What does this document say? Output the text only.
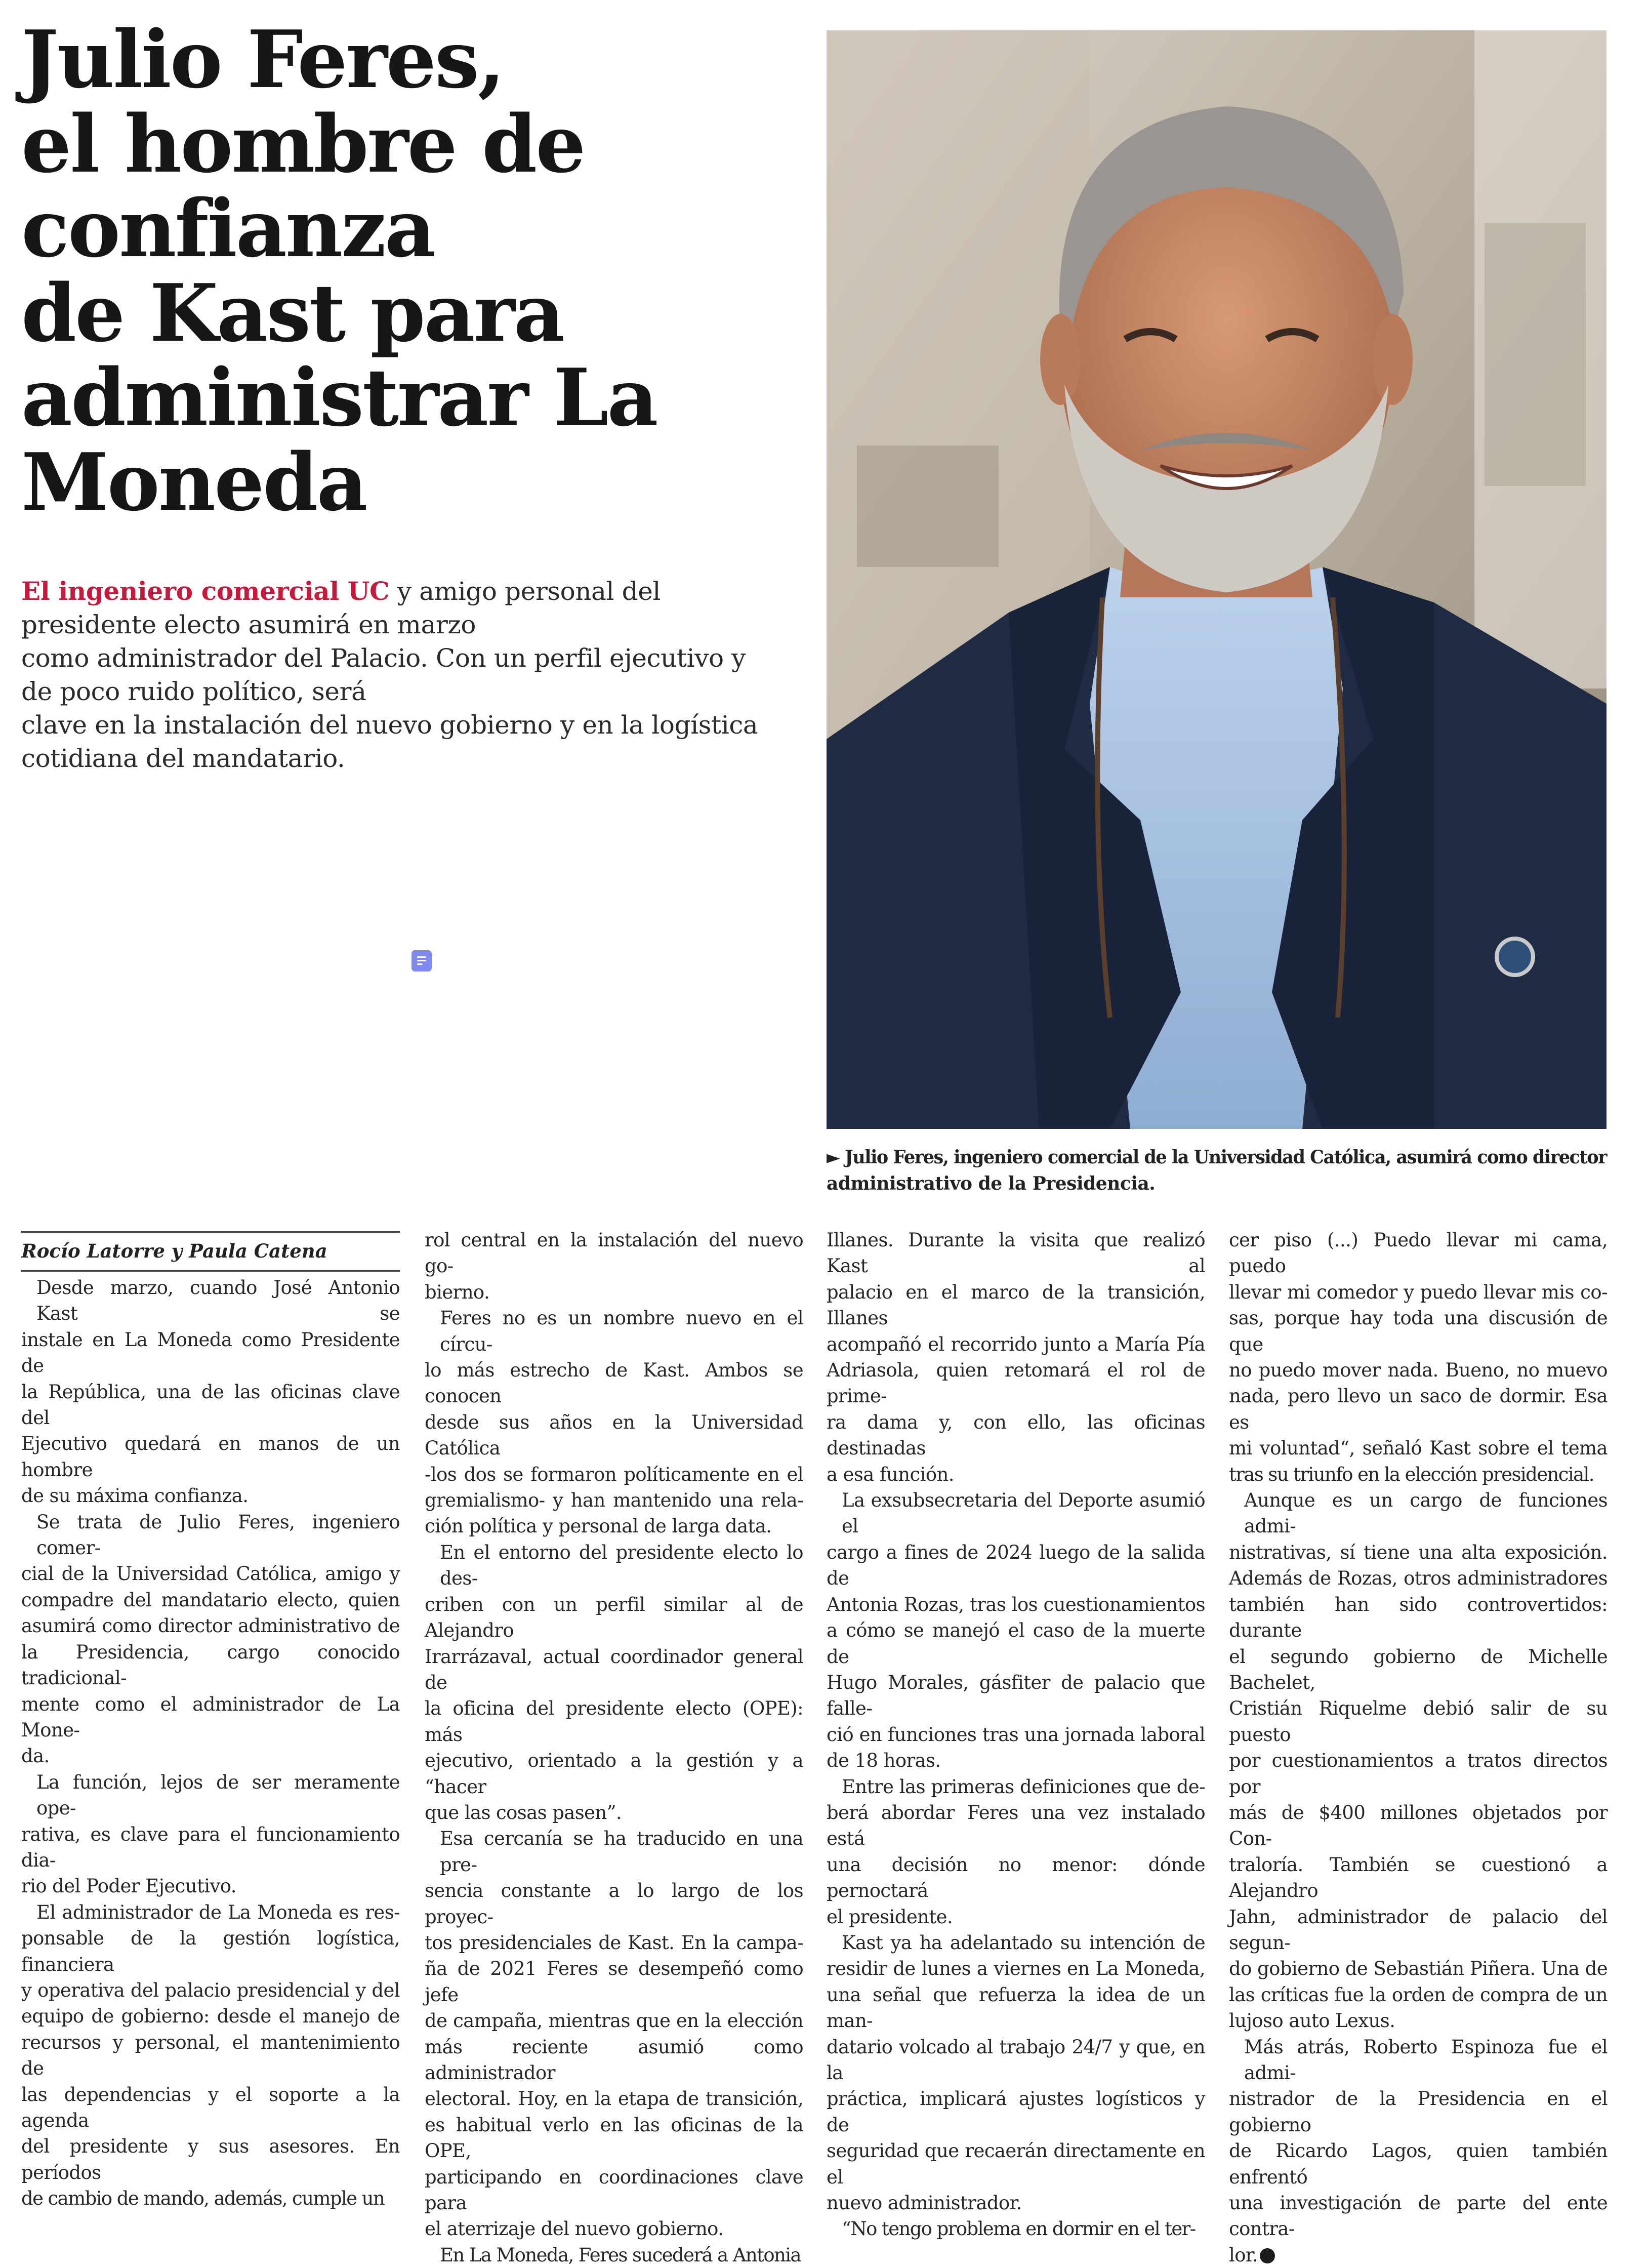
Julio Feres,
el hombre de
confianza
de Kast para
administrar La
Moneda
El ingeniero comercial UC y amigo personal del
presidente electo asumirá en marzo
como administrador del Palacio. Con un perfil ejecutivo y
de poco ruido político, será
clave en la instalación del nuevo gobierno y en la logística
cotidiana del mandatario.
► Julio Feres, ingeniero comercial de la Universidad Católica, asumirá como director
administrativo de la Presidencia.
Rocío Latorre y Paula Catena

Desde marzo, cuando José Antonio Kast se
instale en La Moneda como Presidente de
la República, una de las oficinas clave del
Ejecutivo quedará en manos de un hombre
de su máxima confianza.

Se trata de Julio Feres, ingeniero comer-
cial de la Universidad Católica, amigo y
compadre del mandatario electo, quien
asumirá como director administrativo de
la Presidencia, cargo conocido tradicional-
mente como el administrador de La Mone-
da.

La función, lejos de ser meramente ope-
rativa, es clave para el funcionamiento dia-
rio del Poder Ejecutivo.

El administrador de La Moneda es res-
ponsable de la gestión logística, financiera
y operativa del palacio presidencial y del
equipo de gobierno: desde el manejo de
recursos y personal, el mantenimiento de
las dependencias y el soporte a la agenda
del presidente y sus asesores. En períodos
de cambio de mando, además, cumple un

rol central en la instalación del nuevo go-
bierno.

Feres no es un nombre nuevo en el círcu-
lo más estrecho de Kast. Ambos se conocen
desde sus años en la Universidad Católica
-los dos se formaron políticamente en el
gremialismo- y han mantenido una rela-
ción política y personal de larga data.

En el entorno del presidente electo lo des-
criben con un perfil similar al de Alejandro
Irarrázaval, actual coordinador general de
la oficina del presidente electo (OPE): más
ejecutivo, orientado a la gestión y a “hacer
que las cosas pasen”.

Esa cercanía se ha traducido en una pre-
sencia constante a lo largo de los proyec-
tos presidenciales de Kast. En la campa-
ña de 2021 Feres se desempeñó como jefe
de campaña, mientras que en la elección
más reciente asumió como administrador
electoral. Hoy, en la etapa de transición,
es habitual verlo en las oficinas de la OPE,
participando en coordinaciones clave para
el aterrizaje del nuevo gobierno.

En La Moneda, Feres sucederá a Antonia

Illanes. Durante la visita que realizó Kast al
palacio en el marco de la transición, Illanes
acompañó el recorrido junto a María Pía
Adriasola, quien retomará el rol de prime-
ra dama y, con ello, las oficinas destinadas
a esa función.

La exsubsecretaria del Deporte asumió el
cargo a fines de 2024 luego de la salida de
Antonia Rozas, tras los cuestionamientos
a cómo se manejó el caso de la muerte de
Hugo Morales, gásfiter de palacio que falle-
ció en funciones tras una jornada laboral
de 18 horas.

Entre las primeras definiciones que de-
berá abordar Feres una vez instalado está
una decisión no menor: dónde pernoctará
el presidente.

Kast ya ha adelantado su intención de
residir de lunes a viernes en La Moneda,
una señal que refuerza la idea de un man-
datario volcado al trabajo 24/7 y que, en la
práctica, implicará ajustes logísticos y de
seguridad que recaerán directamente en el
nuevo administrador.

“No tengo problema en dormir en el ter-

cer piso (...) Puedo llevar mi cama, puedo
llevar mi comedor y puedo llevar mis co-
sas, porque hay toda una discusión de que
no puedo mover nada. Bueno, no muevo
nada, pero llevo un saco de dormir. Esa es
mi voluntad“, señaló Kast sobre el tema
tras su triunfo en la elección presidencial.

Aunque es un cargo de funciones admi-
nistrativas, sí tiene una alta exposición.
Además de Rozas, otros administradores
también han sido controvertidos: durante
el segundo gobierno de Michelle Bachelet,
Cristián Riquelme debió salir de su puesto
por cuestionamientos a tratos directos por
más de $400 millones objetados por Con-
traloría. También se cuestionó a Alejandro
Jahn, administrador de palacio del segun-
do gobierno de Sebastián Piñera. Una de
las críticas fue la orden de compra de un
lujoso auto Lexus.

Más atrás, Roberto Espinoza fue el admi-
nistrador de la Presidencia en el gobierno
de Ricardo Lagos, quien también enfrentó
una investigación de parte del ente contra-
lor.
